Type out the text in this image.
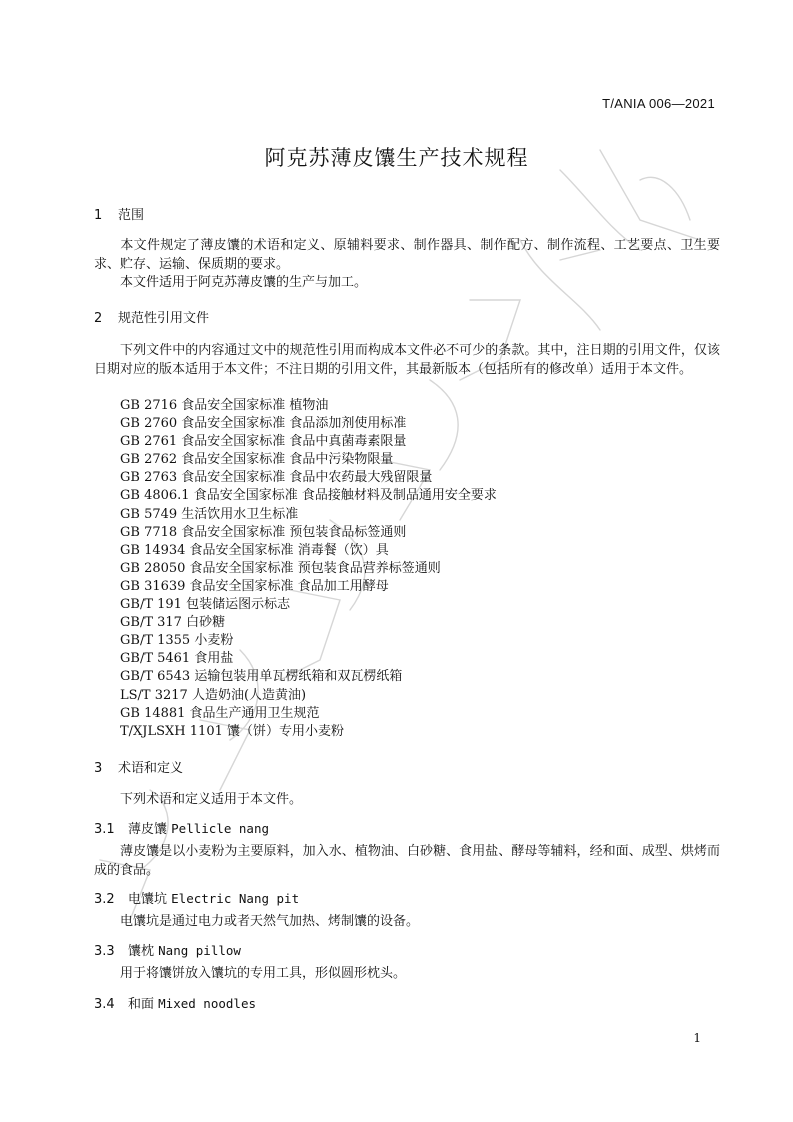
T/ANIA 006—2021
阿克苏薄皮馕生产技术规程
1 范围
本文件规定了薄皮馕的术语和定义、原辅料要求、制作器具、制作配方、制作流程、工艺要点、卫生要求、贮存、运输、保质期的要求。
本文件适用于阿克苏薄皮馕的生产与加工。
2 规范性引用文件
下列文件中的内容通过文中的规范性引用而构成本文件必不可少的条款。其中，注日期的引用文件，仅该日期对应的版本适用于本文件；不注日期的引用文件，其最新版本（包括所有的修改单）适用于本文件。
GB 2716 食品安全国家标准 植物油
GB 2760 食品安全国家标准 食品添加剂使用标准
GB 2761 食品安全国家标准 食品中真菌毒素限量
GB 2762 食品安全国家标准 食品中污染物限量
GB 2763 食品安全国家标准 食品中农药最大残留限量
GB 4806.1 食品安全国家标准 食品接触材料及制品通用安全要求
GB 5749 生活饮用水卫生标准
GB 7718 食品安全国家标准 预包装食品标签通则
GB 14934 食品安全国家标准 消毒餐（饮）具
GB 28050 食品安全国家标准 预包装食品营养标签通则
GB 31639 食品安全国家标准 食品加工用酵母
GB/T 191 包装储运图示标志
GB/T 317 白砂糖
GB/T 1355 小麦粉
GB/T 5461 食用盐
GB/T 6543 运输包装用单瓦楞纸箱和双瓦楞纸箱
LS/T 3217 人造奶油(人造黄油)
GB 14881 食品生产通用卫生规范
T/XJLSXH 1101 馕（饼）专用小麦粉
3 术语和定义
下列术语和定义适用于本文件。
3.1 薄皮馕 Pellicle nang
薄皮馕是以小麦粉为主要原料，加入水、植物油、白砂糖、食用盐、酵母等辅料，经和面、成型、烘烤而成的食品。
3.2 电馕坑 Electric Nang pit
电馕坑是通过电力或者天然气加热、烤制馕的设备。
3.3 馕枕 Nang pillow
用于将馕饼放入馕坑的专用工具，形似圆形枕头。
3.4 和面 Mixed noodles
1
